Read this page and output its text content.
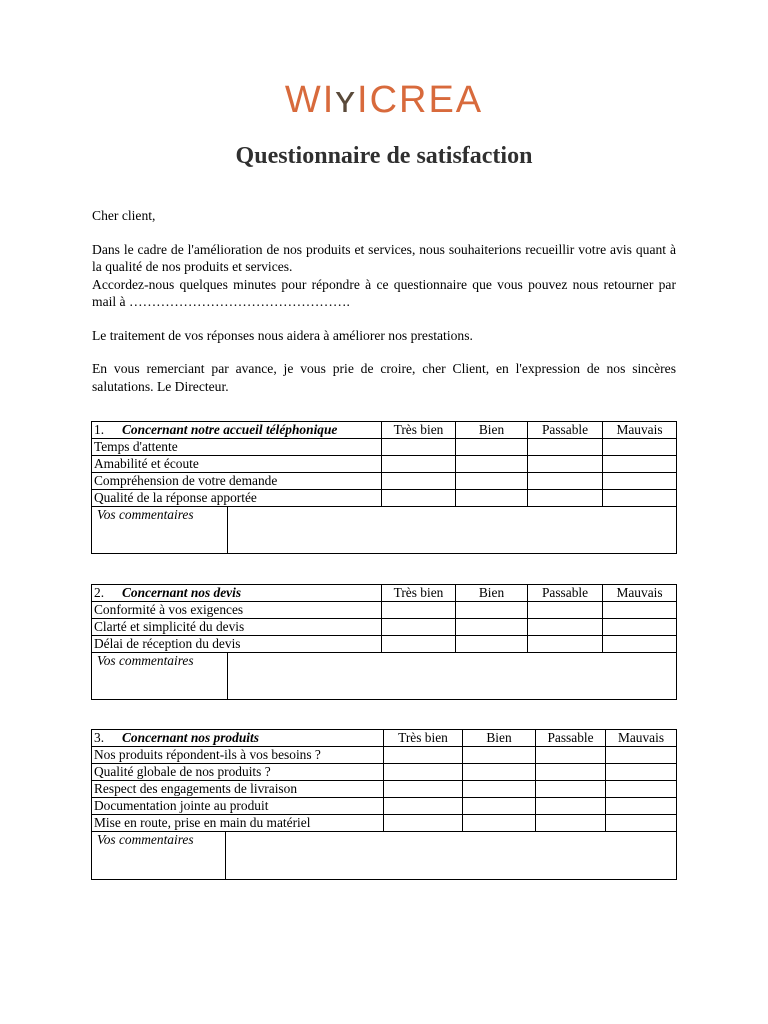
WIʏICREA
Questionnaire de satisfaction

Cher client,

Dans le cadre de l'amélioration de nos produits et services, nous souhaiterions recueillir votre avis quant à la qualité de nos produits et services.

Accordez-nous quelques minutes pour répondre à ce questionnaire que vous pouvez nous retourner par mail à ………………………………………….

Le traitement de vos réponses nous aidera à améliorer nos prestations.

En vous remerciant par avance, je vous prie de croire, cher Client, en l'expression de nos sincères salutations. Le Directeur.

1. Concernant notre accueil téléphonique		Très bien	Bien	Passable	Mauvais
Temps d'attente					
Amabilité et écoute					
Compréhension de votre demande					
Qualité de la réponse apportée					
Vos commentaires					
2. Concernant nos devis		Très bien	Bien	Passable	Mauvais
Conformité à vos exigences					
Clarté et simplicité du devis					
Délai de réception du devis					
Vos commentaires					
3. Concernant nos produits		Très bien	Bien	Passable	Mauvais
Nos produits répondent-ils à vos besoins ?					
Qualité globale de nos produits ?					
Respect des engagements de livraison					
Documentation jointe au produit					
Mise en route, prise en main du matériel					
Vos commentaires					
